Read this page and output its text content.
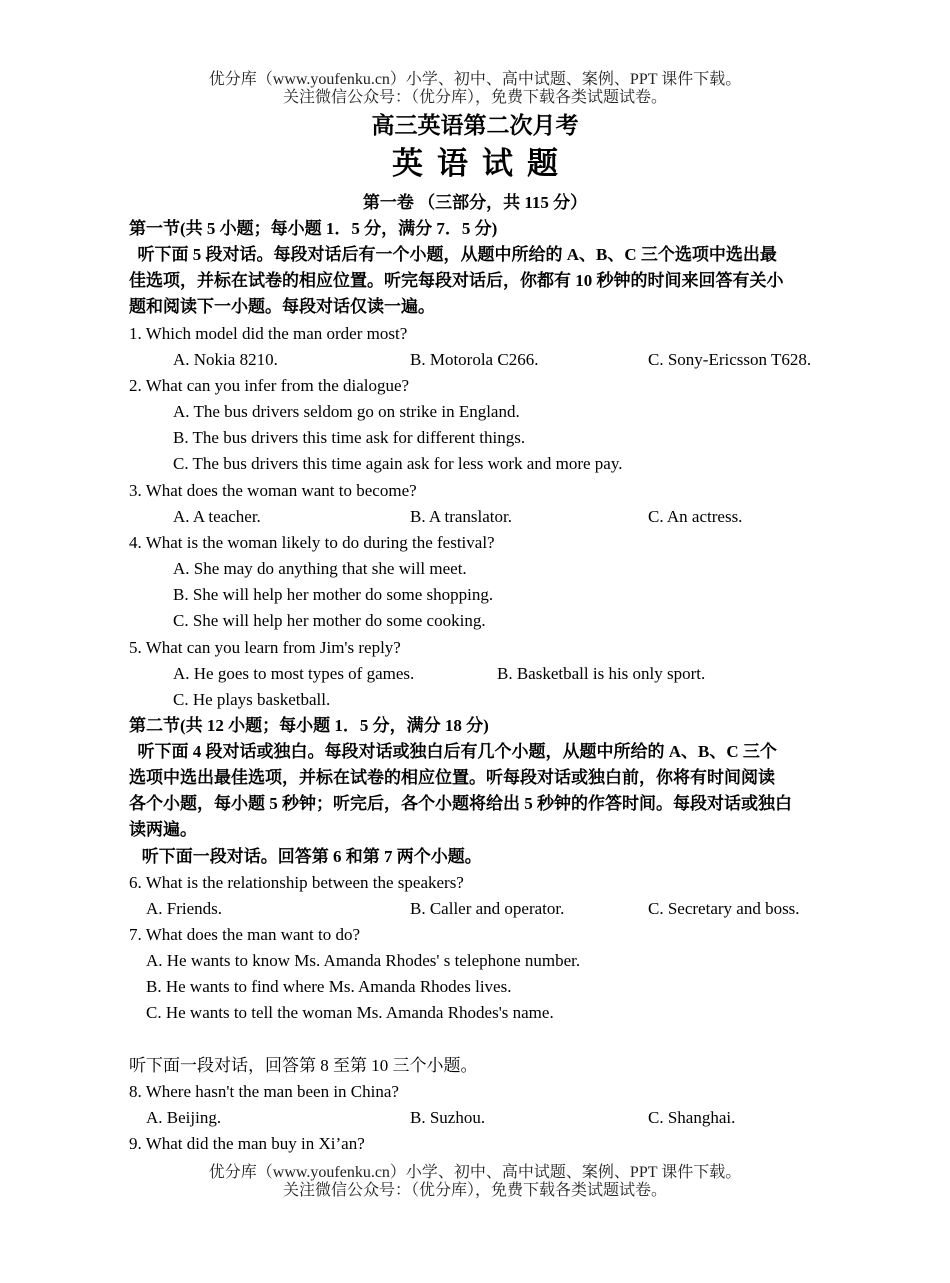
优分库（www.youfenku.cn）小学、初中、高中试题、案例、PPT 课件下载。
关注微信公众号：（优分库），免费下载各类试题试卷。
高三英语第二次月考
英语试题
第一卷 （三部分，共 115 分）
第一节(共 5 小题；每小题 1．5 分，满分 7．5 分)
听下面 5 段对话。每段对话后有一个小题，从题中所给的 A、B、C 三个选项中选出最
佳选项，并标在试卷的相应位置。听完每段对话后，你都有 10 秒钟的时间来回答有关小
题和阅读下一小题。每段对话仅读一遍。
1. Which model did the man order most?
A. Nokia 8210.	B. Motorola C266.	C. Sony-Ericsson T628.
2. What can you infer from the dialogue?
A. The bus drivers seldom go on strike in England.
B. The bus drivers this time ask for different things.
C. The bus drivers this time again ask for less work and more pay.
3. What does the woman want to become?
A. A teacher.	B. A translator.	C. An actress.
4. What is the woman likely to do during the festival?
A. She may do anything that she will meet.
B. She will help her mother do some shopping.
C. She will help her mother do some cooking.
5. What can you learn from Jim's reply?
A. He goes to most types of games.	B. Basketball is his only sport.
C. He plays basketball.
第二节(共 12 小题；每小题 1．5 分，满分 18 分)
听下面 4 段对话或独白。每段对话或独白后有几个小题，从题中所给的 A、B、C 三个
选项中选出最佳选项，并标在试卷的相应位置。听每段对话或独白前，你将有时间阅读
各个小题，每小题 5 秒钟；听完后，各个小题将给出 5 秒钟的作答时间。每段对话或独白
读两遍。
听下面一段对话。回答第 6 和第 7 两个小题。
6. What is the relationship between the speakers?
A. Friends.	B. Caller and operator.	C. Secretary and boss.
7. What does the man want to do?
A. He wants to know Ms. Amanda Rhodes' s telephone number.
B. He wants to find where Ms. Amanda Rhodes lives.
C. He wants to tell the woman Ms. Amanda Rhodes's name.
听下面一段对话，回答第 8 至第 10 三个小题。
8. Where hasn't the man been in China?
A. Beijing.	B. Suzhou.	C. Shanghai.
9. What did the man buy in Xi’an?
优分库（www.youfenku.cn）小学、初中、高中试题、案例、PPT 课件下载。
关注微信公众号：（优分库），免费下载各类试题试卷。
